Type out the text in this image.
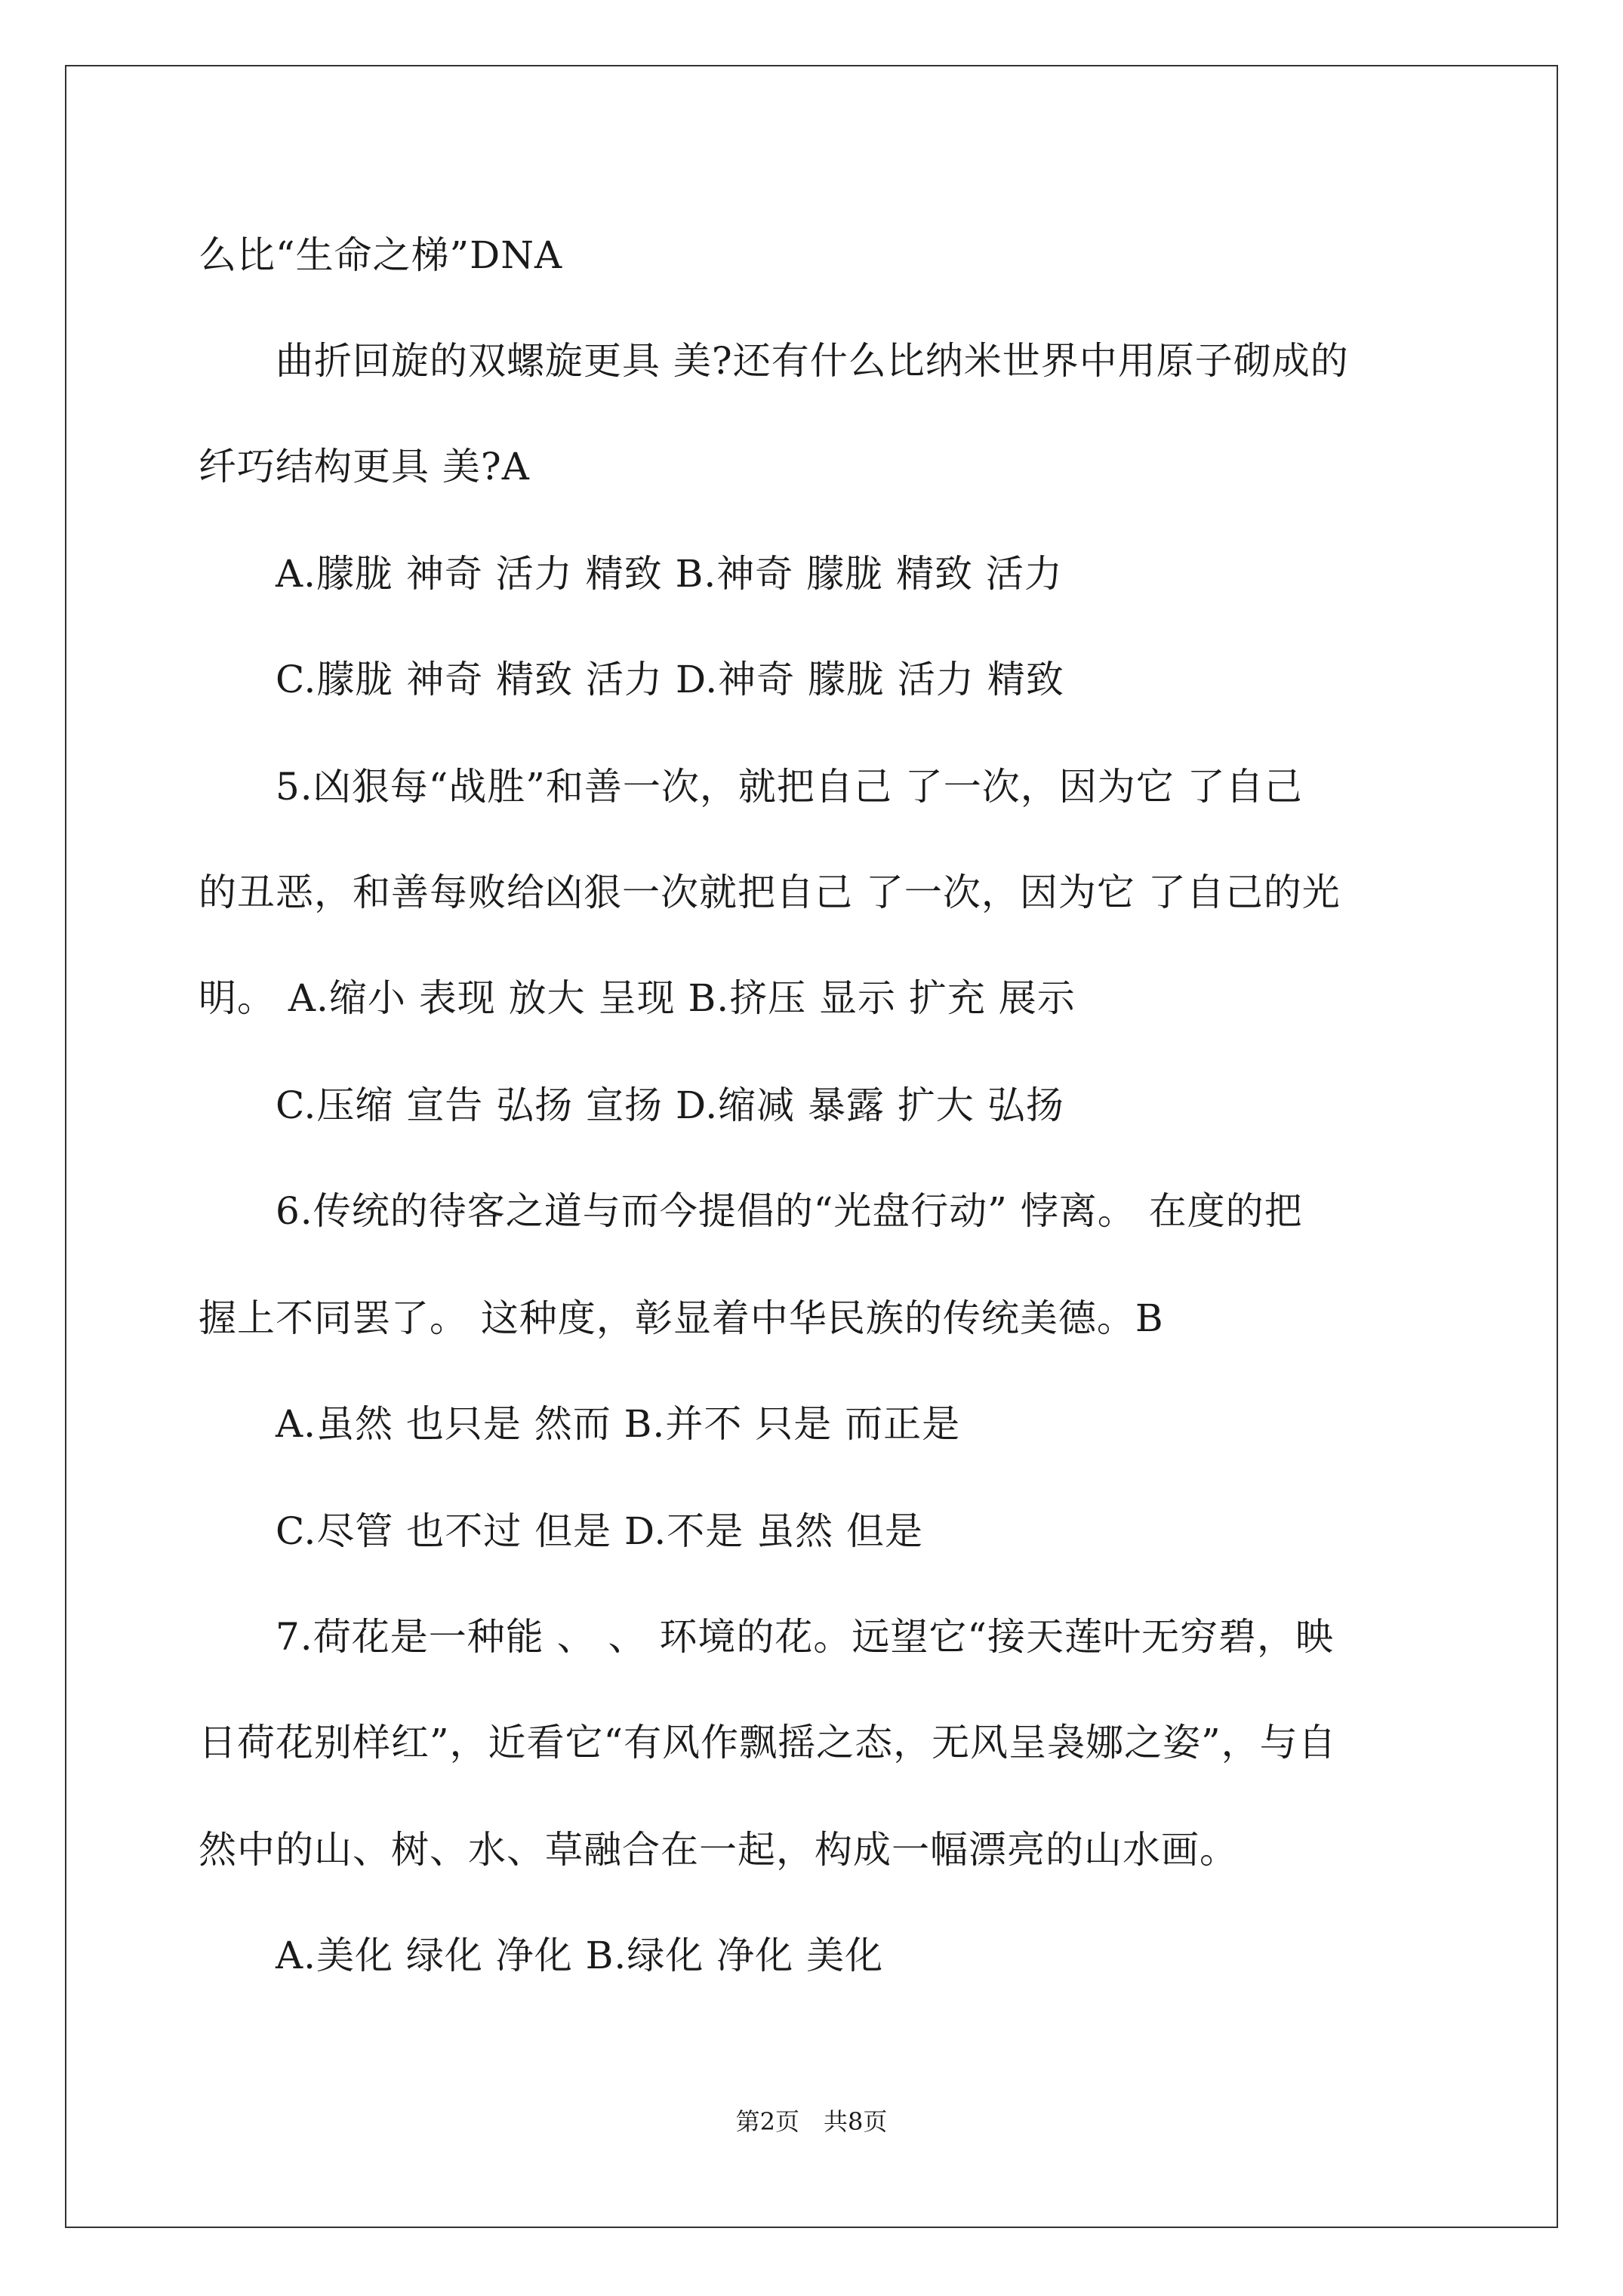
么比“生命之梯”DNA
曲折回旋的双螺旋更具 美?还有什么比纳米世界中用原子砌成的
纤巧结构更具 美?A
A.朦胧 神奇 活力 精致 B.神奇 朦胧 精致 活力
C.朦胧 神奇 精致 活力 D.神奇 朦胧 活力 精致
5.凶狠每“战胜”和善一次，就把自己 了一次，因为它 了自己
的丑恶，和善每败给凶狠一次就把自己 了一次，因为它 了自己的光
明。 A.缩小 表现 放大 呈现 B.挤压 显示 扩充 展示
C.压缩 宣告 弘扬 宣扬 D.缩减 暴露 扩大 弘扬
6.传统的待客之道与而今提倡的“光盘行动” 悖离。 在度的把
握上不同罢了。 这种度，彰显着中华民族的传统美德。B
A.虽然 也只是 然而 B.并不 只是 而正是
C.尽管 也不过 但是 D.不是 虽然 但是
7.荷花是一种能 、 、 环境的花。远望它“接天莲叶无穷碧，映
日荷花别样红”，近看它“有风作飘摇之态，无风呈袅娜之姿”，与自
然中的山、树、水、草融合在一起，构成一幅漂亮的山水画。
A.美化 绿化 净化 B.绿化 净化 美化
第2页　共8页
